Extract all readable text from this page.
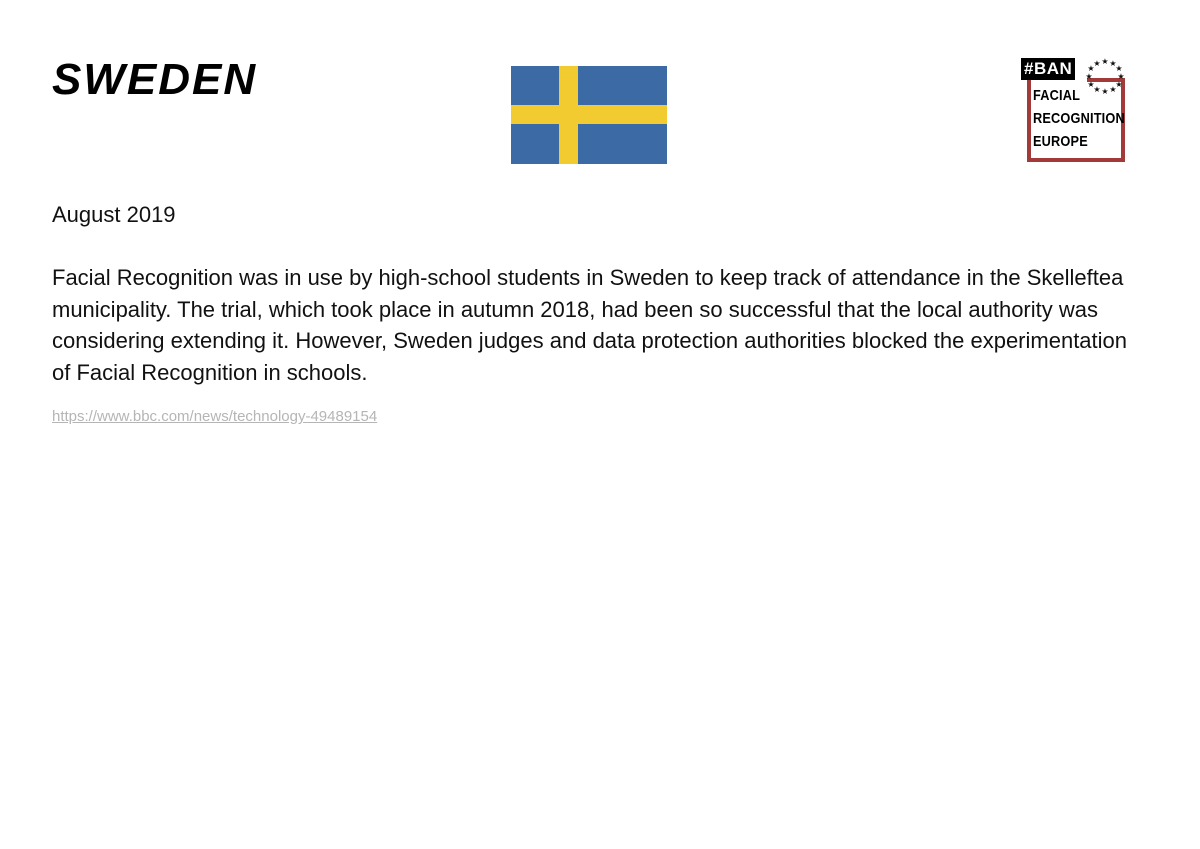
SWEDEN	#BAN	★ ★
★
★
★
★
★
★
★
★
★
★
FACIAL
RECOGNITION
EUROPE

August 2019

Facial Recognition was in use by high-school students in Sweden to keep track of attendance in the Skelleftea municipality. The trial, which took place in autumn 2018, had been so successful that the local authority was considering extending it. However, Sweden judges and data protection authorities blocked the experimentation of Facial Recognition in schools.

https://www.bbc.com/news/technology-49489154
